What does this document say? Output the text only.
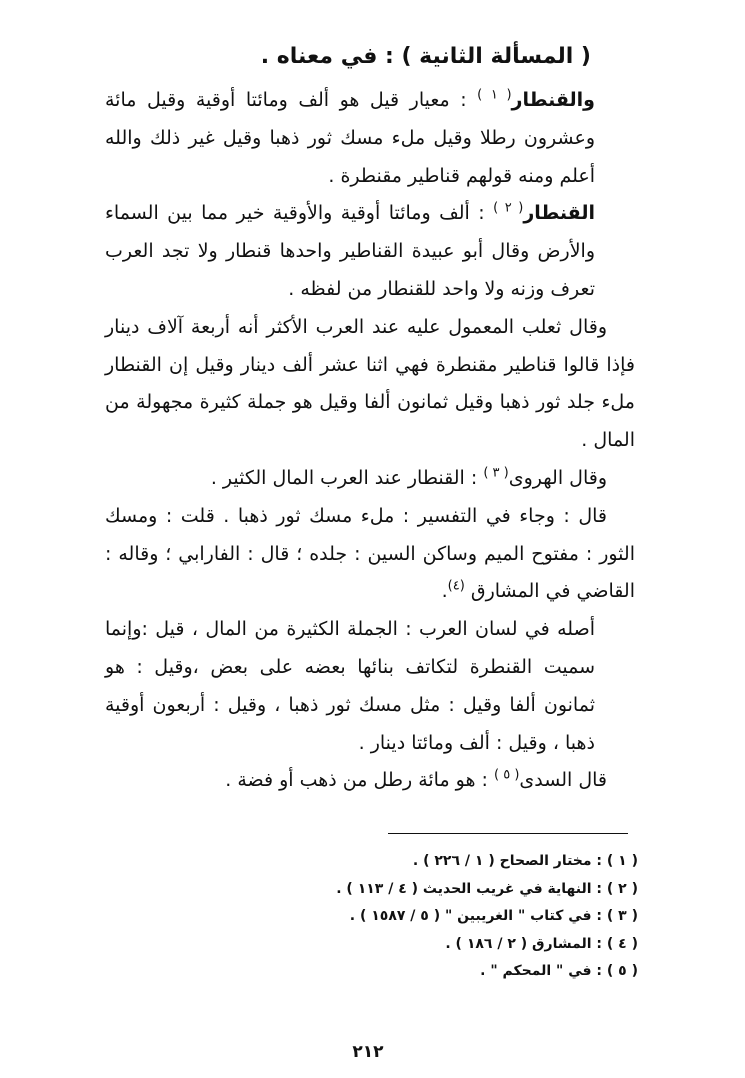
( المسألة الثانية ) : في معناه .

والقنطار$^{( ١ )}$ : معيار قيل هو ألف ومائتا أوقية وقيل مائة وعشرون رطلا وقيل ملء مسك ثور ذهبا وقيل غير ذلك والله أعلم ومنه قولهم قناطير مقنطرة .

القنطار$^{( ٢ )}$ : ألف ومائتا أوقية والأوقية خير مما بين السماء والأرض وقال أبو عبيدة القناطير واحدها قنطار ولا تجد العرب تعرف وزنه ولا واحد للقنطار من لفظه .

وقال ثعلب المعمول عليه عند العرب الأكثر أنه أربعة آلاف دينار فإذا قالوا قناطير مقنطرة فهي اثنا عشر ألف دينار وقيل إن القنطار ملء جلد ثور ذهبا وقيل ثمانون ألفا وقيل هو جملة كثيرة مجهولة من المال .

وقال الهروى$^{( ٣ )}$ : القنطار عند العرب المال الكثير .

قال : وجاء في التفسير : ملء مسك ثور ذهبا . قلت : ومسك الثور : مفتوح الميم وساكن السين : جلده ؛ قال : الفارابي ؛ وقاله : القاضي في المشارق $^{(٤)}$.

أصله في لسان العرب : الجملة الكثيرة من المال ، قيل :وإنما سميت القنطرة لتكاتف بنائها بعضه على بعض ،وقيل : هو ثمانون ألفا وقيل : مثل مسك ثور ذهبا ، وقيل : أربعون أوقية ذهبا ، وقيل : ألف ومائتا دينار .

قال السدى$^{( ٥ )}$ : هو مائة رطل من ذهب أو فضة .

( ١ ) : مختار الصحاح ( ١ / ٢٢٦ ) .

( ٢ ) : النهاية في غريب الحديث ( ٤ / ١١٣ ) .

( ٣ ) : في كتاب " الغريبين " ( ٥ / ١٥٨٧ ) .

( ٤ ) : المشارق ( ٢ / ١٨٦ ) .

( ٥ ) : في " المحكم " .

٢١٢
